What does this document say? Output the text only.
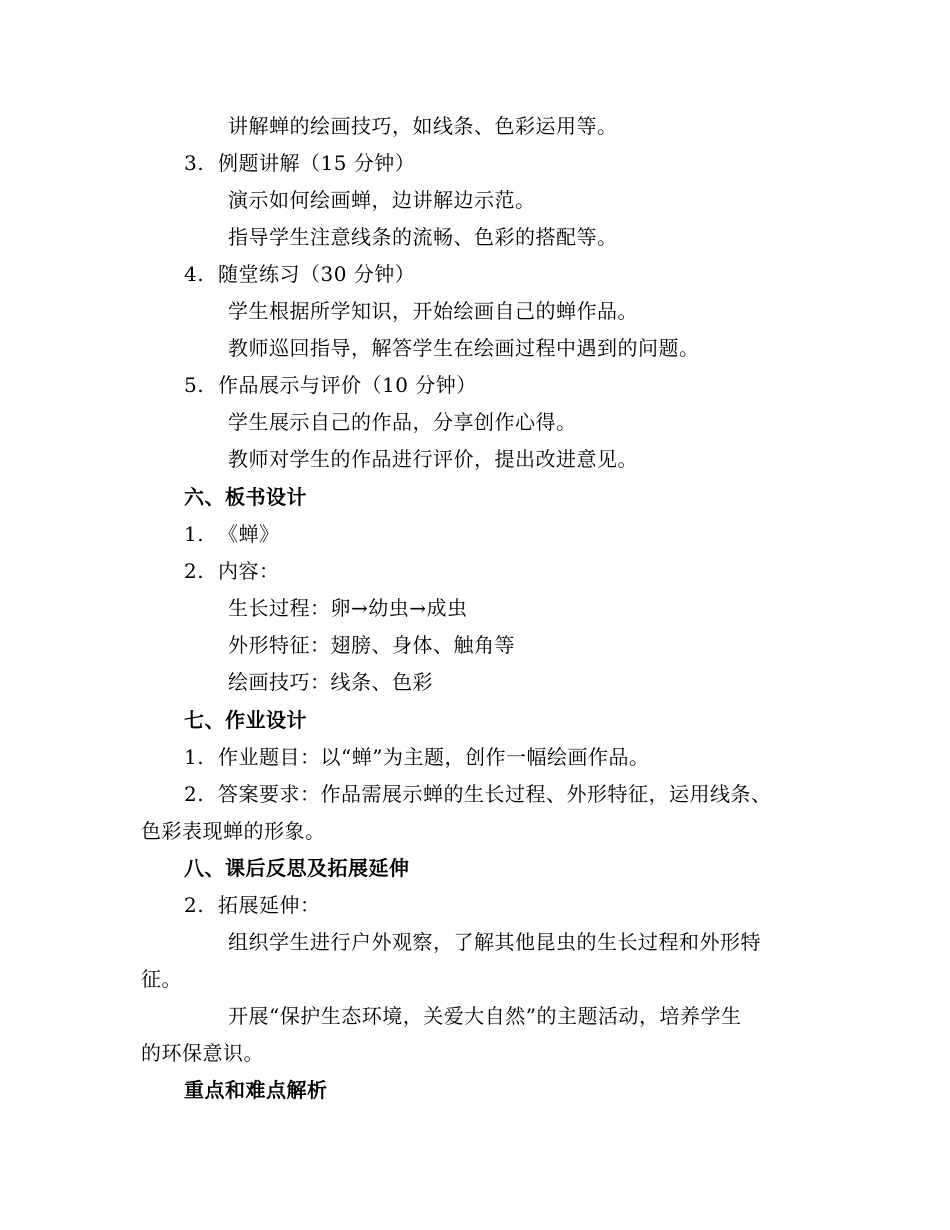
讲解蝉的绘画技巧，如线条、色彩运用等。
3. 例题讲解（15 分钟）
演示如何绘画蝉，边讲解边示范。
指导学生注意线条的流畅、色彩的搭配等。
4. 随堂练习（30 分钟）
学生根据所学知识，开始绘画自己的蝉作品。
教师巡回指导，解答学生在绘画过程中遇到的问题。
5. 作品展示与评价（10 分钟）
学生展示自己的作品，分享创作心得。
教师对学生的作品进行评价，提出改进意见。
六、板书设计
1. 《蝉》
2. 内容：
生长过程：卵→幼虫→成虫
外形特征：翅膀、身体、触角等
绘画技巧：线条、色彩
七、作业设计
1. 作业题目：以“蝉”为主题，创作一幅绘画作品。
2. 答案要求：作品需展示蝉的生长过程、外形特征，运用线条、
色彩表现蝉的形象。
八、课后反思及拓展延伸
2. 拓展延伸：
组织学生进行户外观察，了解其他昆虫的生长过程和外形特
征。
开展“保护生态环境，关爱大自然”的主题活动，培养学生
的环保意识。
重点和难点解析
